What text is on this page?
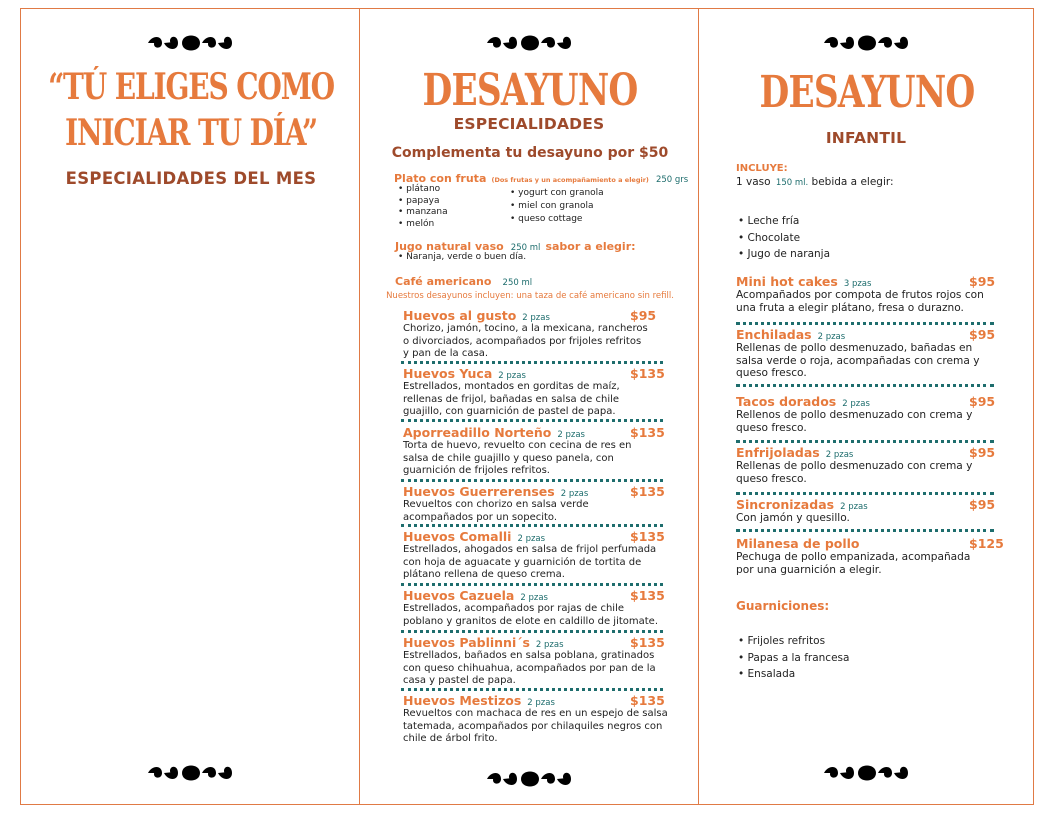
“TÚ ELIGES COMO
INICIAR TU DÍA”
ESPECIALIDADES DEL MES
DESAYUNO
ESPECIALIDADES
Complementa tu desayuno por $50
Plato con fruta (Dos frutas y un acompañamiento a elegir) 250 grs
• plátano
• papaya
• manzana
• melón
• yogurt con granola
• miel con granola
• queso cottage
Jugo natural vaso 250 ml sabor a elegir:
• Naranja, verde o buen día.
Café americano 250 ml
Nuestros desayunos incluyen: una taza de café americano sin refill.
Huevos al gusto 2 pzas	$95
Chorizo, jamón, tocino, a la mexicana, rancheros
o divorciados, acompañados por frijoles refritos
y pan de la casa.
Huevos Yuca 2 pzas	$135
Estrellados, montados en gorditas de maíz,
rellenas de frijol, bañadas en salsa de chile
guajillo, con guarnición de pastel de papa.
Aporreadillo Norteño 2 pzas	$135
Torta de huevo, revuelto con cecina de res en
salsa de chile guajillo y queso panela, con
guarnición de frijoles refritos.
Huevos Guerrerenses 2 pzas	$135
Revueltos con chorizo en salsa verde
acompañados por un sopecito.
Huevos Comalli 2 pzas	$135
Estrellados, ahogados en salsa de frijol perfumada
con hoja de aguacate y guarnición de tortita de
plátano rellena de queso crema.
Huevos Cazuela 2 pzas	$135
Estrellados, acompañados por rajas de chile
poblano y granitos de elote en caldillo de jitomate.
Huevos Pablinni´s 2 pzas	$135
Estrellados, bañados en salsa poblana, gratinados
con queso chihuahua, acompañados por pan de la
casa y pastel de papa.
Huevos Mestizos 2 pzas	$135
Revueltos con machaca de res en un espejo de salsa
tatemada, acompañados por chilaquiles negros con
chile de árbol frito.
DESAYUNO
INFANTIL
INCLUYE:
1 vaso 150 ml. bebida a elegir:
• Leche fría
• Chocolate
• Jugo de naranja
Mini hot cakes 3 pzas	$95
Acompañados por compota de frutos rojos con
una fruta a elegir plátano, fresa o durazno.
Enchiladas 2 pzas	$95
Rellenas de pollo desmenuzado, bañadas en
salsa verde o roja, acompañadas con crema y
queso fresco.
Tacos dorados 2 pzas	$95
Rellenos de pollo desmenuzado con crema y
queso fresco.
Enfrijoladas 2 pzas	$95
Rellenas de pollo desmenuzado con crema y
queso fresco.
Sincronizadas 2 pzas	$95
Con jamón y quesillo.
Milanesa de pollo	$125
Pechuga de pollo empanizada, acompañada
por una guarnición a elegir.
Guarniciones:
• Frijoles refritos
• Papas a la francesa
• Ensalada
